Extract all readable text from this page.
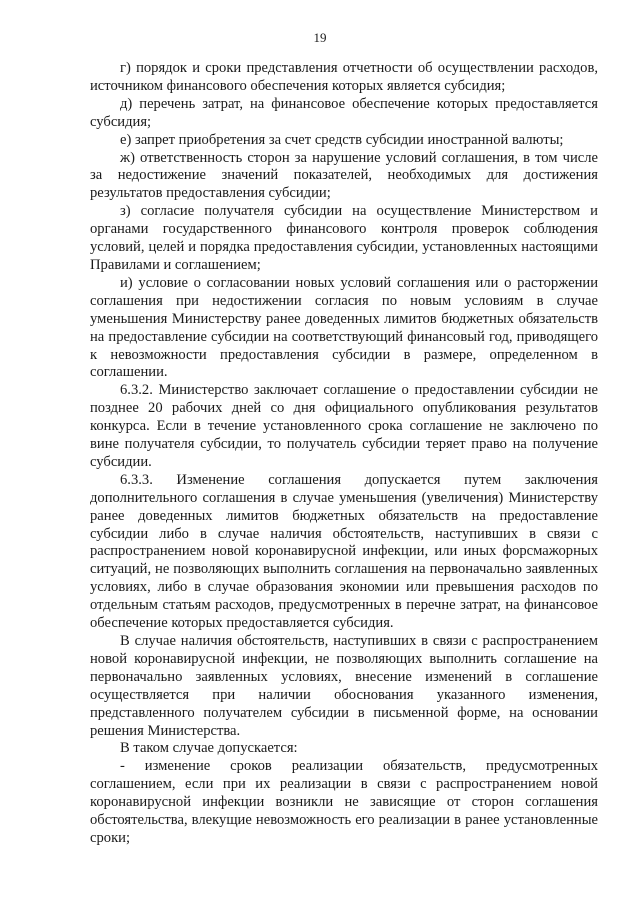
19

г) порядок и сроки представления отчетности об осуществлении расходов, источником финансового обеспечения которых является субсидия;

д) перечень затрат, на финансовое обеспечение которых предоставляется субсидия;

е) запрет приобретения за счет средств субсидии иностранной валюты;

ж) ответственность сторон за нарушение условий соглашения, в том числе за недостижение значений показателей, необходимых для достижения результатов предоставления субсидии;

з) согласие получателя субсидии на осуществление Министерством и органами государственного финансового контроля проверок соблюдения условий, целей и порядка предоставления субсидии, установленных настоящими Правилами и соглашением;

и) условие о согласовании новых условий соглашения или о расторжении соглашения при недостижении согласия по новым условиям в случае уменьшения Министерству ранее доведенных лимитов бюджетных обязательств на предоставление субсидии на соответствующий финансовый год, приводящего к невозможности предоставления субсидии в размере, определенном в соглашении.

6.3.2. Министерство заключает соглашение о предоставлении субсидии не позднее 20 рабочих дней со дня официального опубликования результатов конкурса. Если в течение установленного срока соглашение не заключено по вине получателя субсидии, то получатель субсидии теряет право на получение субсидии.

6.3.3. Изменение соглашения допускается путем заключения дополнительного соглашения в случае уменьшения (увеличения) Министерству ранее доведенных лимитов бюджетных обязательств на предоставление субсидии либо в случае наличия обстоятельств, наступивших в связи с распространением новой коронавирусной инфекции, или иных форсмажорных ситуаций, не позволяющих выполнить соглашения на первоначально заявленных условиях, либо в случае образования экономии или превышения расходов по отдельным статьям расходов, предусмотренных в перечне затрат, на финансовое обеспечение которых предоставляется субсидия.

В случае наличия обстоятельств, наступивших в связи с распространением новой коронавирусной инфекции, не позволяющих выполнить соглашение на первоначально заявленных условиях, внесение изменений в соглашение осуществляется при наличии обоснования указанного изменения, представленного получателем субсидии в письменной форме, на основании решения Министерства.

В таком случае допускается:

- изменение сроков реализации обязательств, предусмотренных соглашением, если при их реализации в связи с распространением новой коронавирусной инфекции возникли не зависящие от сторон соглашения обстоятельства, влекущие невозможность его реализации в ранее установленные сроки;
